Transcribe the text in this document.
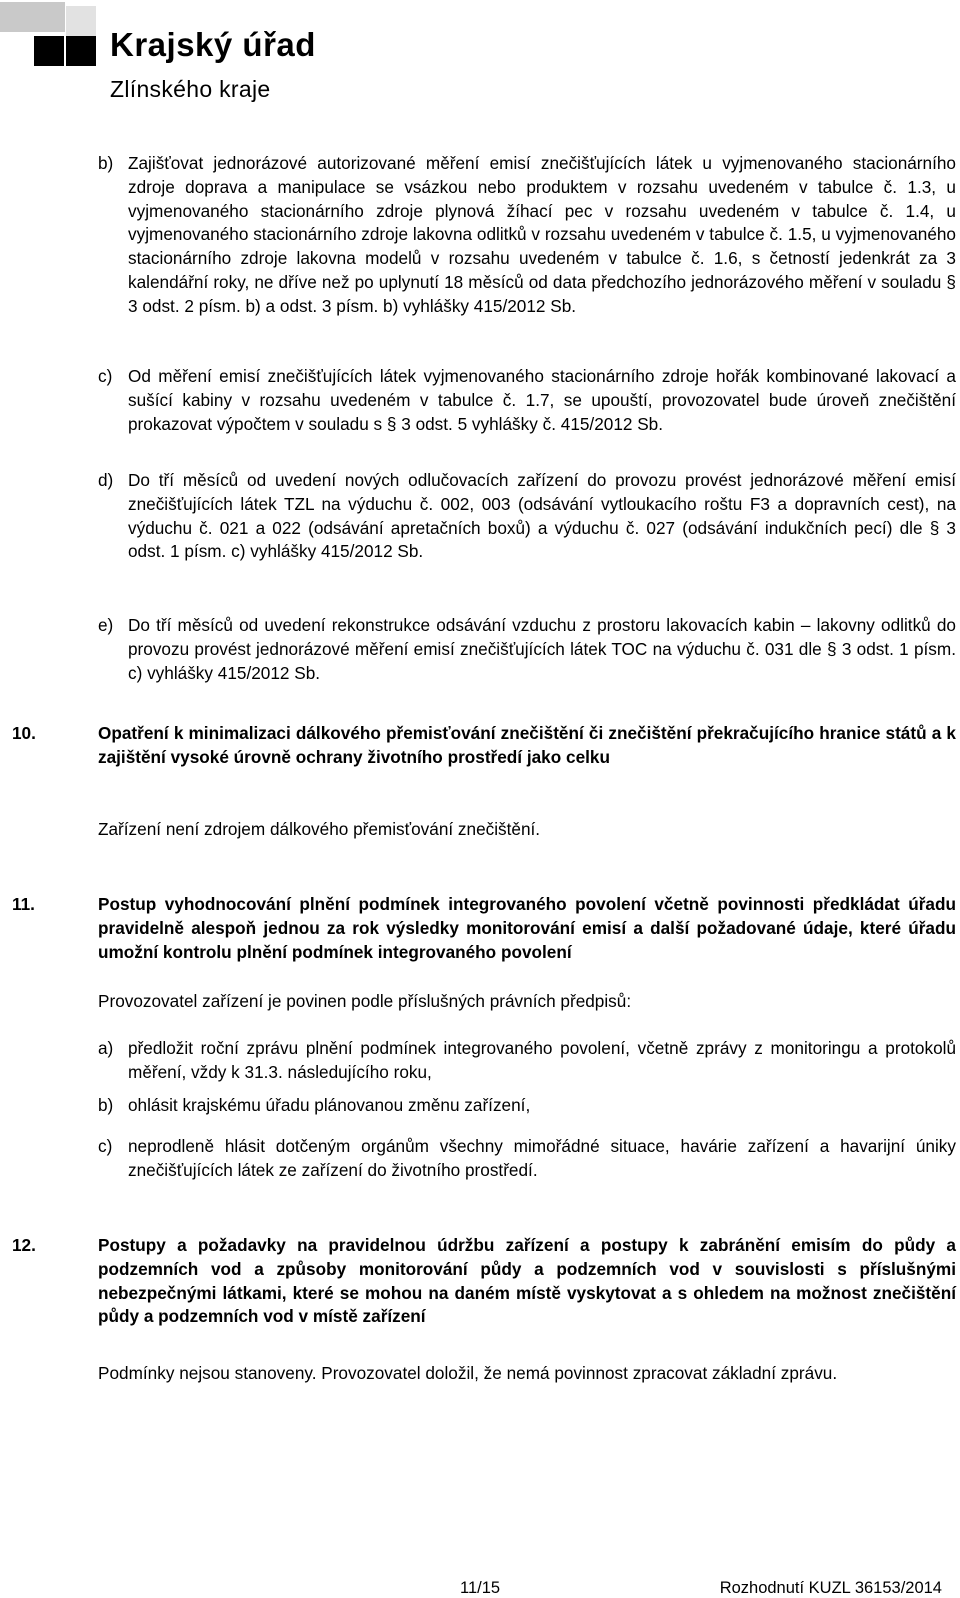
Krajský úřad
Zlínského kraje
b) Zajišťovat jednorázové autorizované měření emisí znečišťujících látek u vyjmenovaného stacionárního zdroje doprava a manipulace se vsázkou nebo produktem v rozsahu uvedeném v tabulce č. 1.3, u vyjmenovaného stacionárního zdroje plynová žíhací pec v rozsahu uvedeném v tabulce č. 1.4, u vyjmenovaného stacionárního zdroje lakovna odlitků v rozsahu uvedeném v tabulce č. 1.5, u vyjmenovaného stacionárního zdroje lakovna modelů v rozsahu uvedeném v tabulce č. 1.6, s četností jedenkrát za 3 kalendářní roky, ne dříve než po uplynutí 18 měsíců od data předchozího jednorázového měření v souladu § 3 odst. 2 písm. b) a odst. 3 písm. b) vyhlášky 415/2012 Sb.
c) Od měření emisí znečišťujících látek vyjmenovaného stacionárního zdroje hořák kombinované lakovací a sušící kabiny v rozsahu uvedeném v tabulce č. 1.7, se upouští, provozovatel bude úroveň znečištění prokazovat výpočtem v souladu s § 3 odst. 5 vyhlášky č. 415/2012 Sb.
d) Do tří měsíců od uvedení nových odlučovacích zařízení do provozu provést jednorázové měření emisí znečišťujících látek TZL na výduchu č. 002, 003 (odsávání vytloukacího roštu F3 a dopravních cest), na výduchu č. 021 a 022 (odsávání apretačních boxů) a výduchu č. 027 (odsávání indukčních pecí) dle § 3 odst. 1 písm. c) vyhlášky 415/2012 Sb.
e) Do tří měsíců od uvedení rekonstrukce odsávání vzduchu z prostoru lakovacích kabin – lakovny odlitků do provozu provést jednorázové měření emisí znečišťujících látek TOC na výduchu č. 031 dle § 3 odst. 1 písm. c) vyhlášky 415/2012 Sb.
10.	Opatření k minimalizaci dálkového přemisťování znečištění či znečištění překračujícího hranice států a k zajištění vysoké úrovně ochrany životního prostředí jako celku
Zařízení není zdrojem dálkového přemisťování znečištění.
11.	Postup vyhodnocování plnění podmínek integrovaného povolení včetně povinnosti předkládat úřadu pravidelně alespoň jednou za rok výsledky monitorování emisí a další požadované údaje, které úřadu umožní kontrolu plnění podmínek integrovaného povolení
Provozovatel zařízení je povinen podle příslušných právních předpisů:
a) předložit roční zprávu plnění podmínek integrovaného povolení, včetně zprávy z monitoringu a protokolů měření, vždy k 31.3. následujícího roku,
b) ohlásit krajskému úřadu plánovanou změnu zařízení,
c) neprodleně hlásit dotčeným orgánům všechny mimořádné situace, havárie zařízení a havarijní úniky znečišťujících látek ze zařízení do životního prostředí.
12.	Postupy a požadavky na pravidelnou údržbu zařízení a postupy k zabránění emisím do půdy a podzemních vod a způsoby monitorování půdy a podzemních vod v souvislosti s příslušnými nebezpečnými látkami, které se mohou na daném místě vyskytovat a s ohledem na možnost znečištění půdy a podzemních vod v místě zařízení
Podmínky nejsou stanoveny. Provozovatel doložil, že nemá povinnost zpracovat základní zprávu.
11/15	Rozhodnutí KUZL 36153/2014
